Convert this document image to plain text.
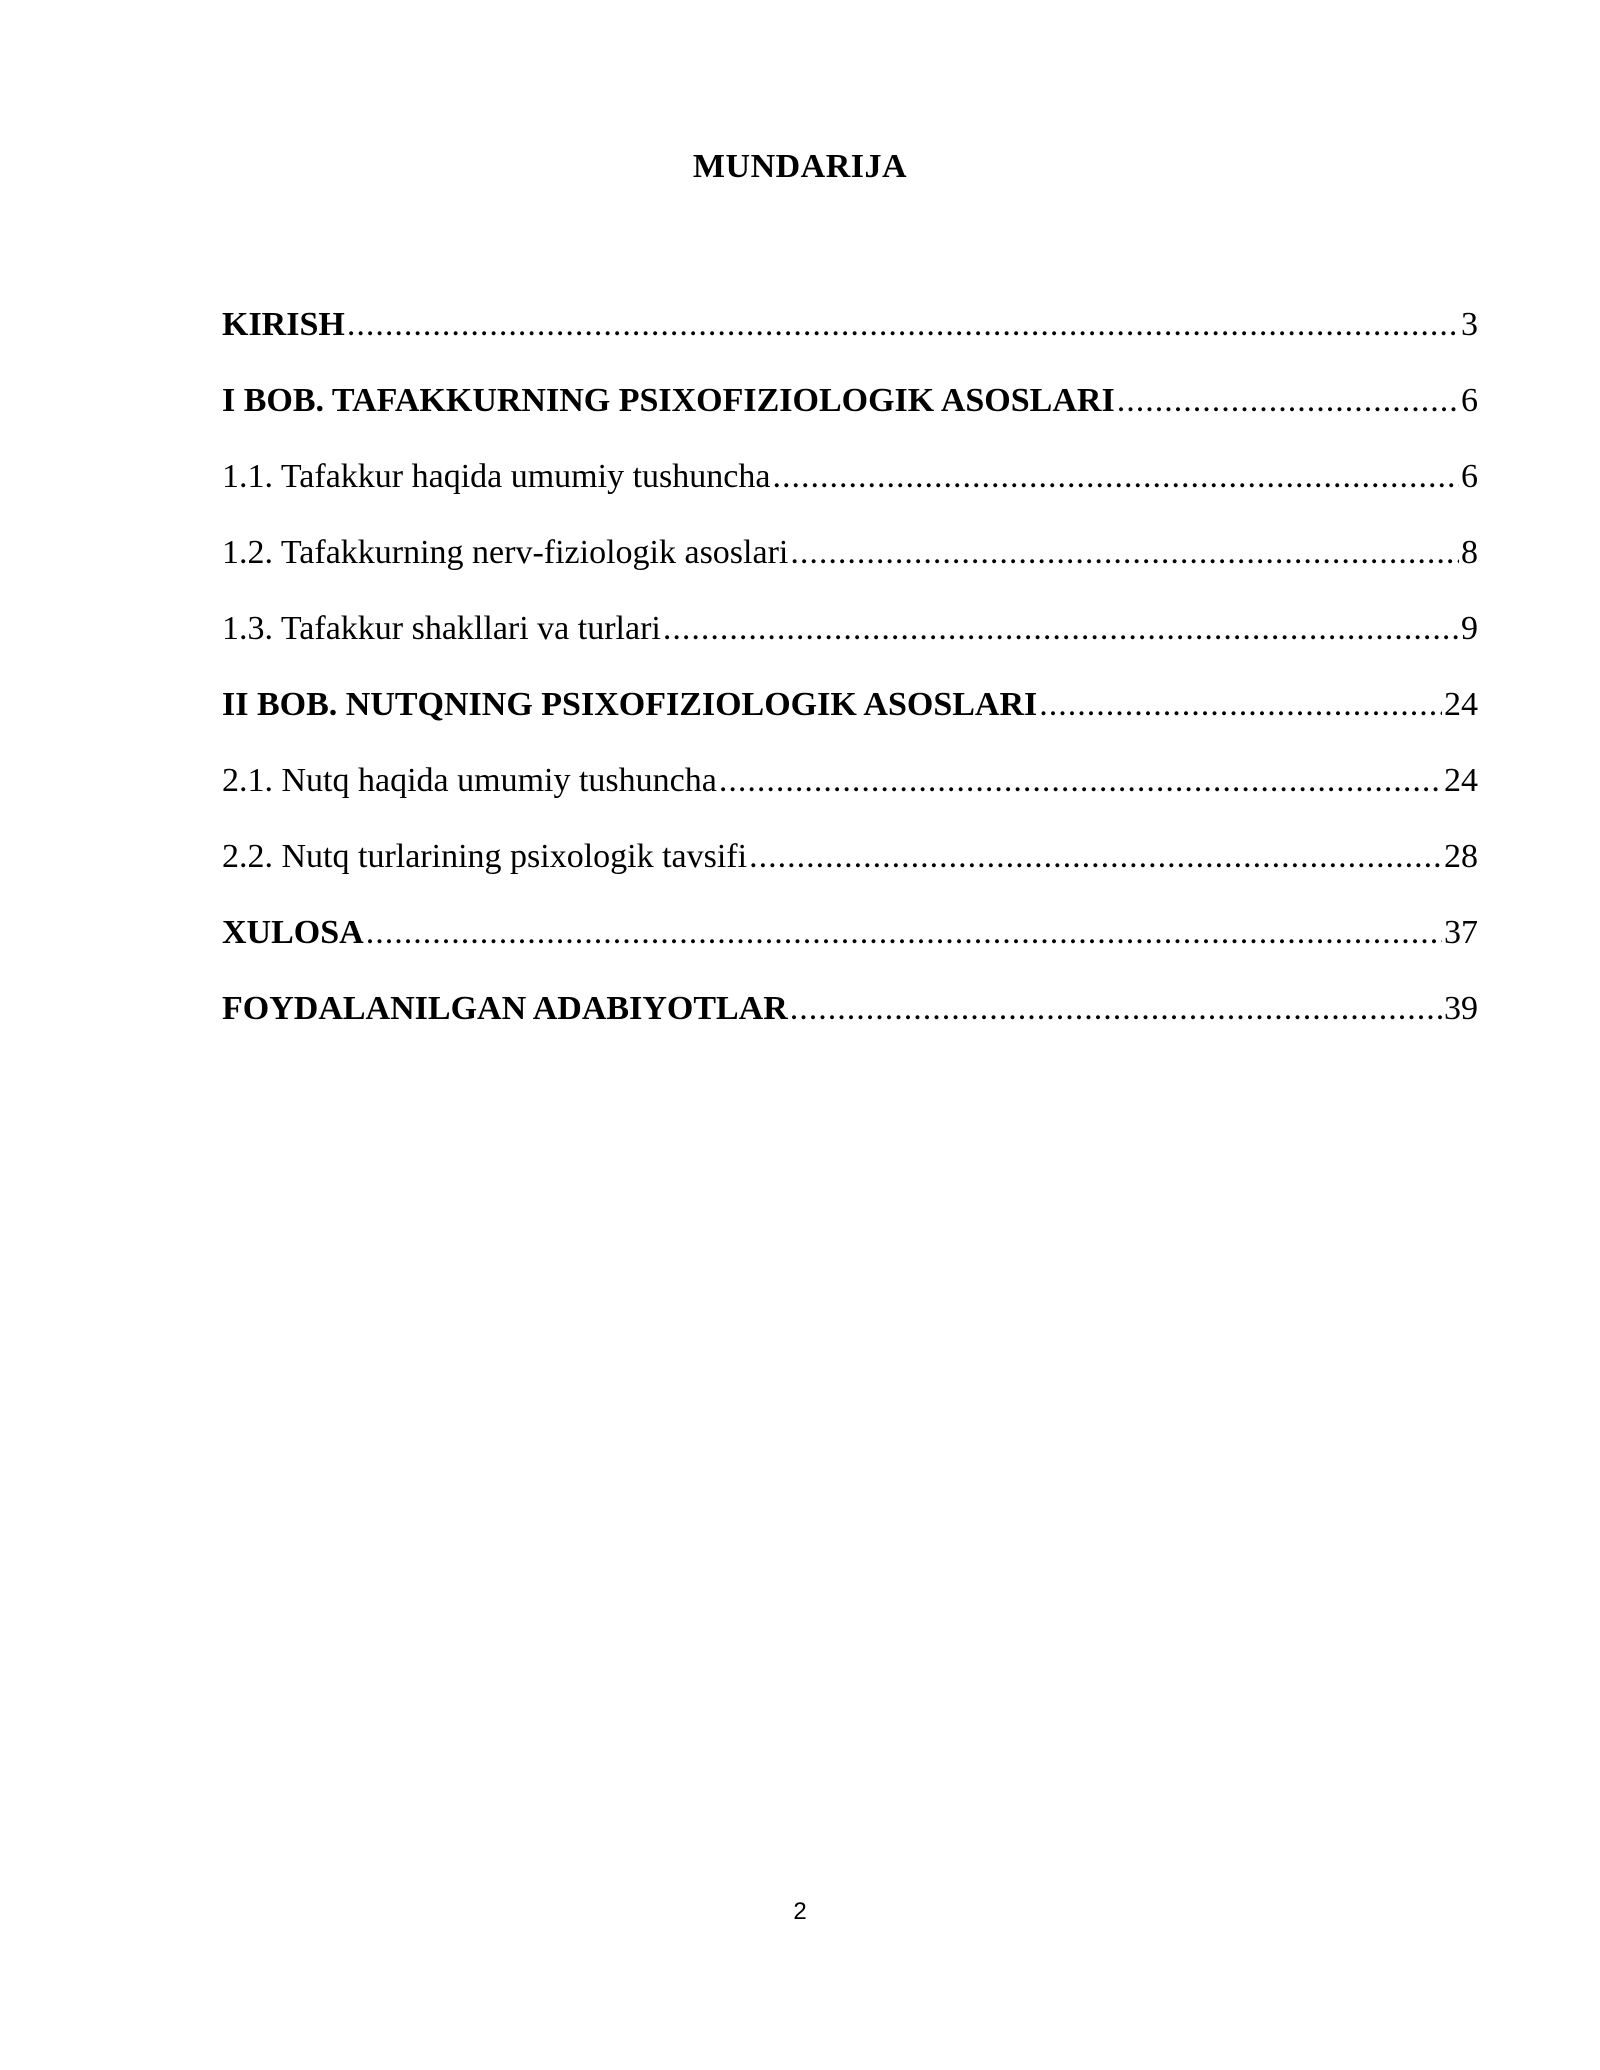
MUNDARIJA
KIRISH .....	3
I BOB. TAFAKKURNING PSIXOFIZIOLOGIK ASOSLARI .....	6
1.1. Tafakkur haqida umumiy tushuncha .....	6
1.2. Tafakkurning nerv-fiziologik asoslari .....	8
1.3. Tafakkur shakllari va turlari .....	9
II BOB. NUTQNING PSIXOFIZIOLOGIK ASOSLARI .....	24
2.1. Nutq haqida umumiy tushuncha .....	24
2.2. Nutq turlarining psixologik tavsifi .....	28
XULOSA .....	37
FOYDALANILGAN ADABIYOTLAR .....	39
2
